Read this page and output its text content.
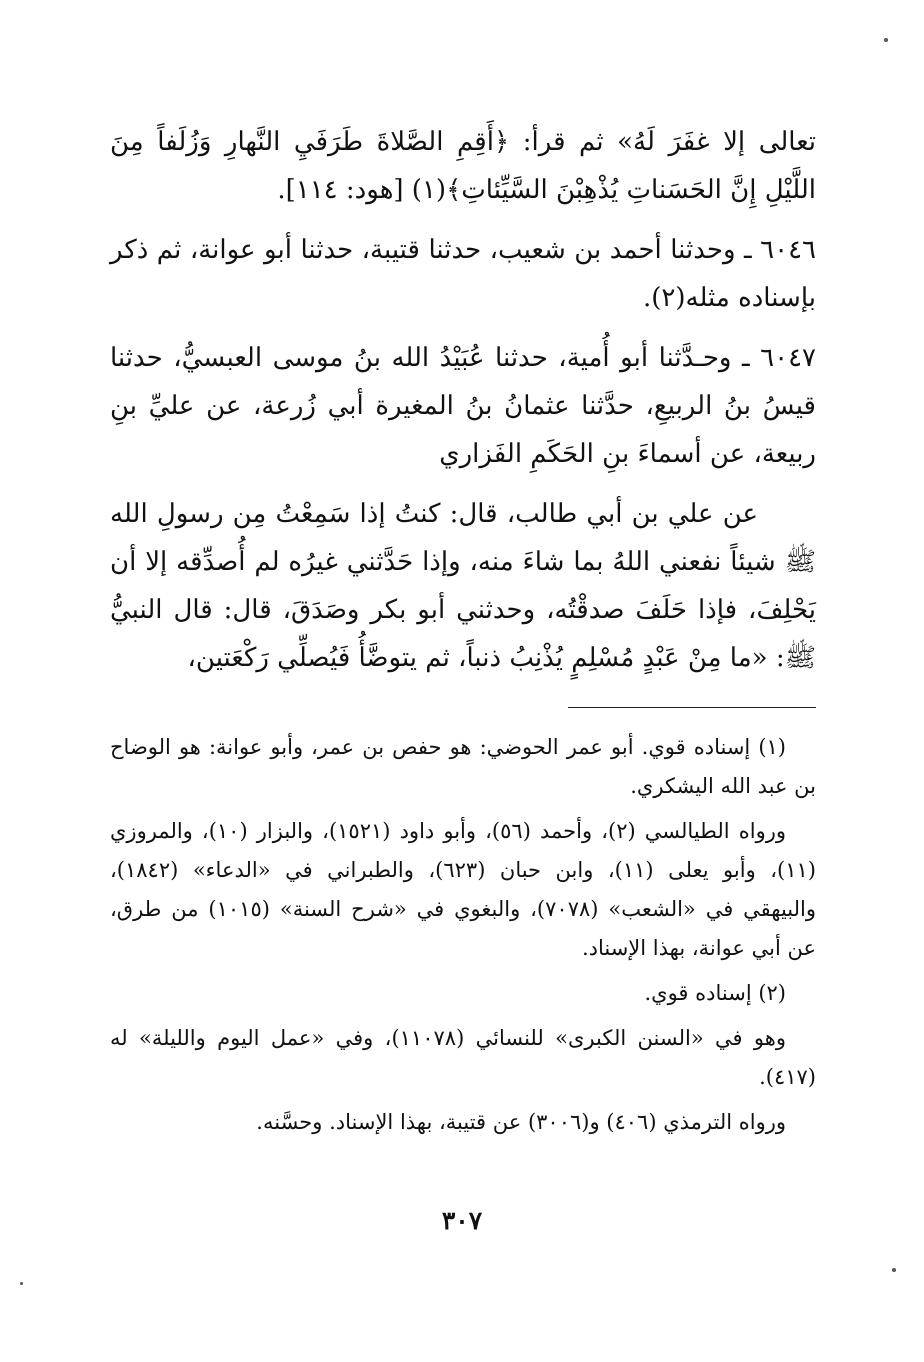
تعالى إلا غفَرَ لَهُ» ثم قرأ: ﴿أَقِمِ الصَّلاةَ طَرَفَيِ النَّهارِ وَزُلَفاً مِنَ اللَّيْلِ إِنَّ الحَسَناتِ يُذْهِبْنَ السَّيِّئاتِ﴾(١) [هود: ١١٤].

٦٠٤٦ ـ وحدثنا أحمد بن شعيب، حدثنا قتيبة، حدثنا أبو عوانة، ثم ذكر بإسناده مثله(٢).

٦٠٤٧ ـ وحـدَّثنا أبو أُمية، حدثنا عُبَيْدُ الله بنُ موسى العبسيُّ، حدثنا قيسُ بنُ الربيعِ، حدَّثنا عثمانُ بنُ المغيرة أبي زُرعة، عن عليِّ بنِ ربيعة، عن أسماءَ بنِ الحَكَمِ الفَزاري

عن علي بن أبي طالب، قال: كنتُ إذا سَمِعْتُ مِن رسولِ الله ﷺ شيئاً نفعني اللهُ بما شاءَ منه، وإذا حَدَّثني غيرُه لم أُصدِّقه إلا أن يَحْلِفَ، فإذا حَلَفَ صدقْتُه، وحدثني أبو بكر وصَدَقَ، قال: قال النبيُّ ﷺ: «ما مِنْ عَبْدٍ مُسْلِمٍ يُذْنِبُ ذنباً، ثم يتوضَّأُ فَيُصلِّي رَكْعَتين،

(١) إسناده قوي. أبو عمر الحوضي: هو حفص بن عمر، وأبو عوانة: هو الوضاح بن عبد الله اليشكري.

ورواه الطيالسي (٢)، وأحمد (٥٦)، وأبو داود (١٥٢١)، والبزار (١٠)، والمروزي (١١)، وأبو يعلى (١١)، وابن حبان (٦٢٣)، والطبراني في «الدعاء» (١٨٤٢)، والبيهقي في «الشعب» (٧٠٧٨)، والبغوي في «شرح السنة» (١٠١٥) من طرق، عن أبي عوانة، بهذا الإسناد.

(٢) إسناده قوي.

وهو في «السنن الكبرى» للنسائي (١١٠٧٨)، وفي «عمل اليوم والليلة» له (٤١٧).

ورواه الترمذي (٤٠٦) و(٣٠٠٦) عن قتيبة، بهذا الإسناد. وحسَّنه.

٣٠٧
